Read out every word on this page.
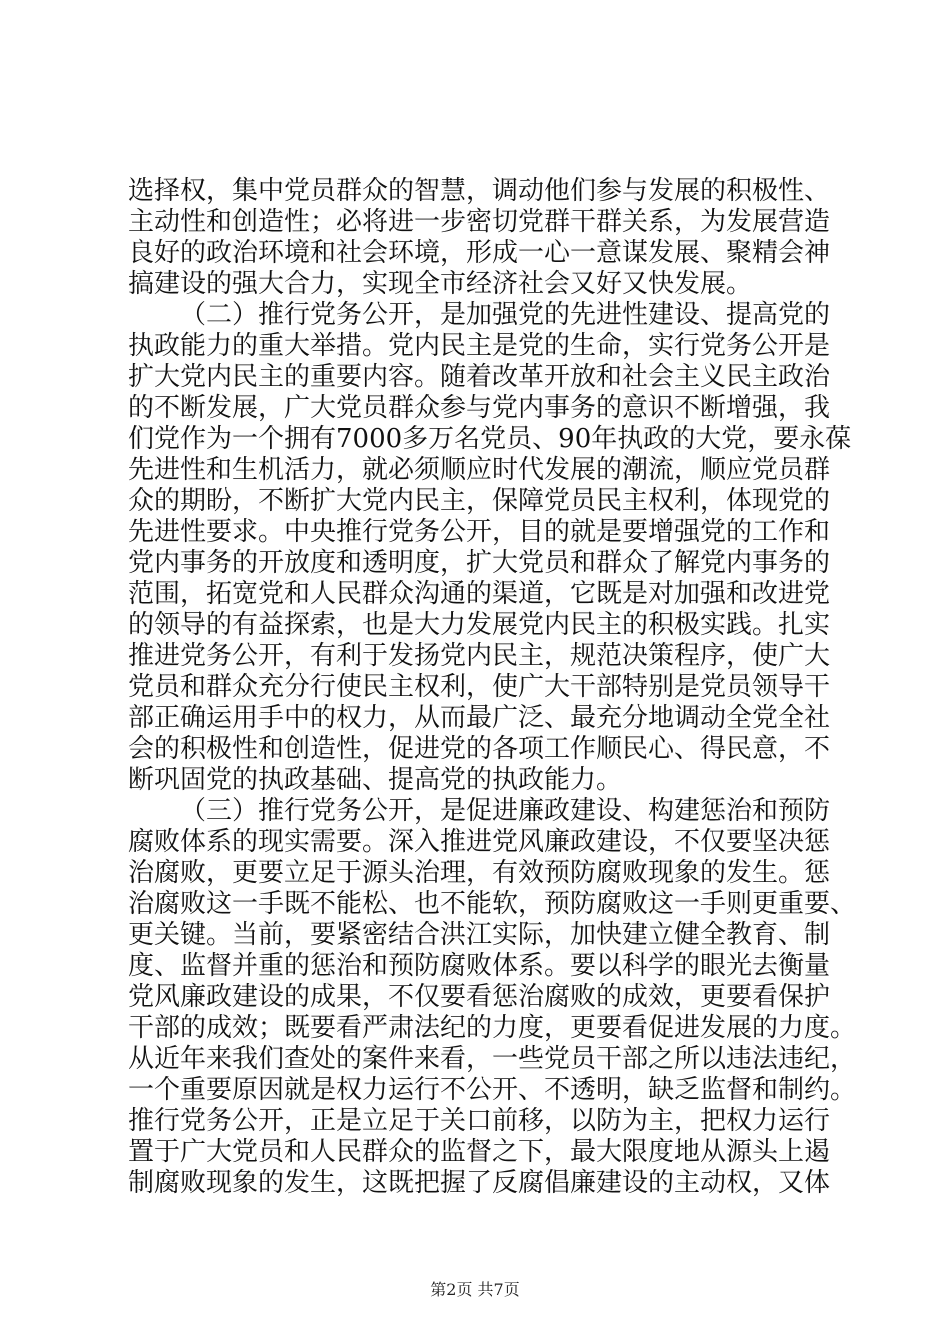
选择权，集中党员群众的智慧，调动他们参与发展的积极性、
主动性和创造性；必将进一步密切党群干群关系，为发展营造
良好的政治环境和社会环境，形成一心一意谋发展、聚精会神
搞建设的强大合力，实现全市经济社会又好又快发展。
（二）推行党务公开，是加强党的先进性建设、提高党的
执政能力的重大举措。党内民主是党的生命，实行党务公开是
扩大党内民主的重要内容。随着改革开放和社会主义民主政治
的不断发展，广大党员群众参与党内事务的意识不断增强，我
们党作为一个拥有7000多万名党员、90年执政的大党，要永葆
先进性和生机活力，就必须顺应时代发展的潮流，顺应党员群
众的期盼，不断扩大党内民主，保障党员民主权利，体现党的
先进性要求。中央推行党务公开，目的就是要增强党的工作和
党内事务的开放度和透明度，扩大党员和群众了解党内事务的
范围，拓宽党和人民群众沟通的渠道，它既是对加强和改进党
的领导的有益探索，也是大力发展党内民主的积极实践。扎实
推进党务公开，有利于发扬党内民主，规范决策程序，使广大
党员和群众充分行使民主权利，使广大干部特别是党员领导干
部正确运用手中的权力，从而最广泛、最充分地调动全党全社
会的积极性和创造性，促进党的各项工作顺民心、得民意，不
断巩固党的执政基础、提高党的执政能力。
（三）推行党务公开，是促进廉政建设、构建惩治和预防
腐败体系的现实需要。深入推进党风廉政建设，不仅要坚决惩
治腐败，更要立足于源头治理，有效预防腐败现象的发生。惩
治腐败这一手既不能松、也不能软，预防腐败这一手则更重要、
更关键。当前，要紧密结合洪江实际，加快建立健全教育、制
度、监督并重的惩治和预防腐败体系。要以科学的眼光去衡量
党风廉政建设的成果，不仅要看惩治腐败的成效，更要看保护
干部的成效；既要看严肃法纪的力度，更要看促进发展的力度。
从近年来我们查处的案件来看，一些党员干部之所以违法违纪，
一个重要原因就是权力运行不公开、不透明，缺乏监督和制约。
推行党务公开，正是立足于关口前移，以防为主，把权力运行
置于广大党员和人民群众的监督之下，最大限度地从源头上遏
制腐败现象的发生，这既把握了反腐倡廉建设的主动权，又体
第2页 共7页
